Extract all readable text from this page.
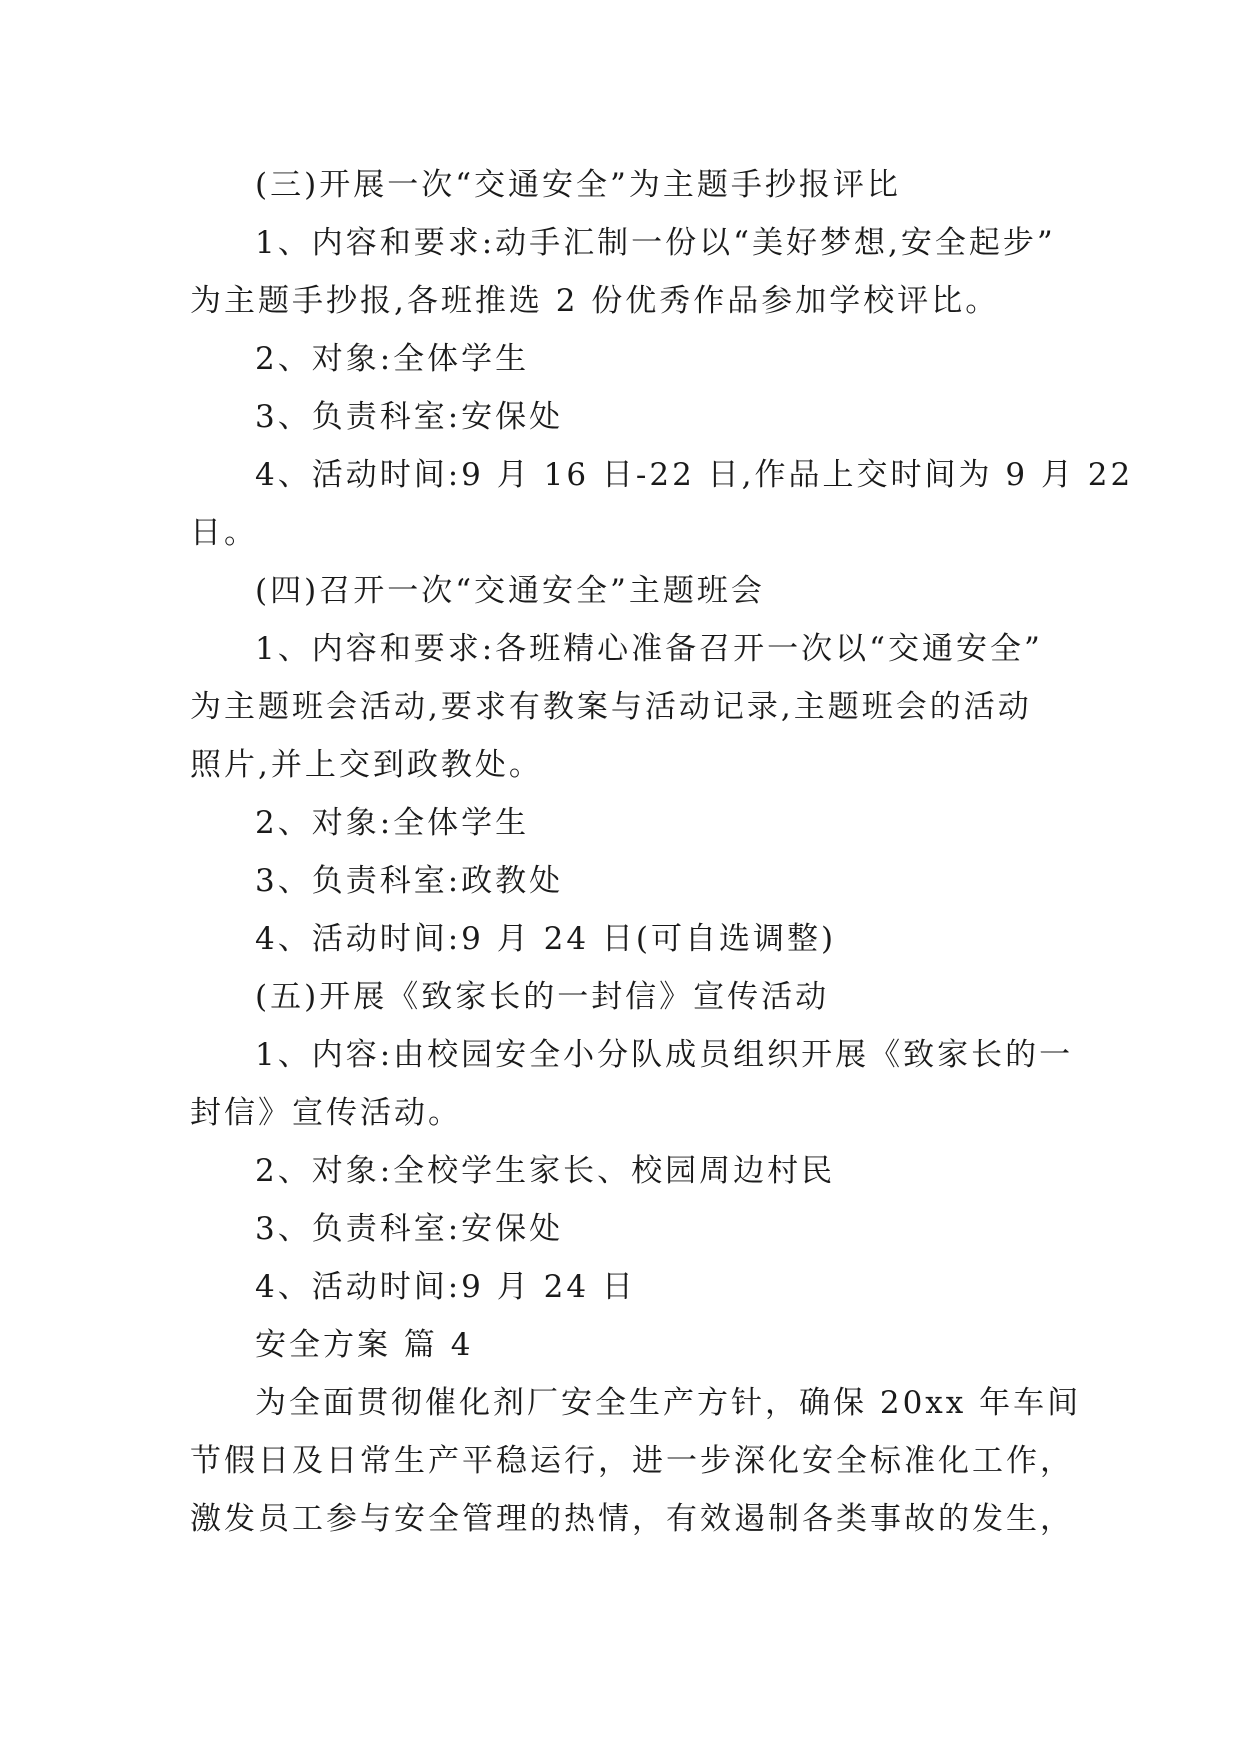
(三)开展一次“交通安全”为主题手抄报评比
1、内容和要求:动手汇制一份以“美好梦想,安全起步”
为主题手抄报,各班推选 2 份优秀作品参加学校评比。
2、对象:全体学生
3、负责科室:安保处
4、活动时间:9 月 16 日-22 日,作品上交时间为 9 月 22
日。
(四)召开一次“交通安全”主题班会
1、内容和要求:各班精心准备召开一次以“交通安全”
为主题班会活动,要求有教案与活动记录,主题班会的活动
照片,并上交到政教处。
2、对象:全体学生
3、负责科室:政教处
4、活动时间:9 月 24 日(可自选调整)
(五)开展《致家长的一封信》宣传活动
1、内容:由校园安全小分队成员组织开展《致家长的一
封信》宣传活动。
2、对象:全校学生家长、校园周边村民
3、负责科室:安保处
4、活动时间:9 月 24 日
安全方案 篇 4
为全面贯彻催化剂厂安全生产方针，确保 20xx 年车间
节假日及日常生产平稳运行，进一步深化安全标准化工作，
激发员工参与安全管理的热情，有效遏制各类事故的发生，
